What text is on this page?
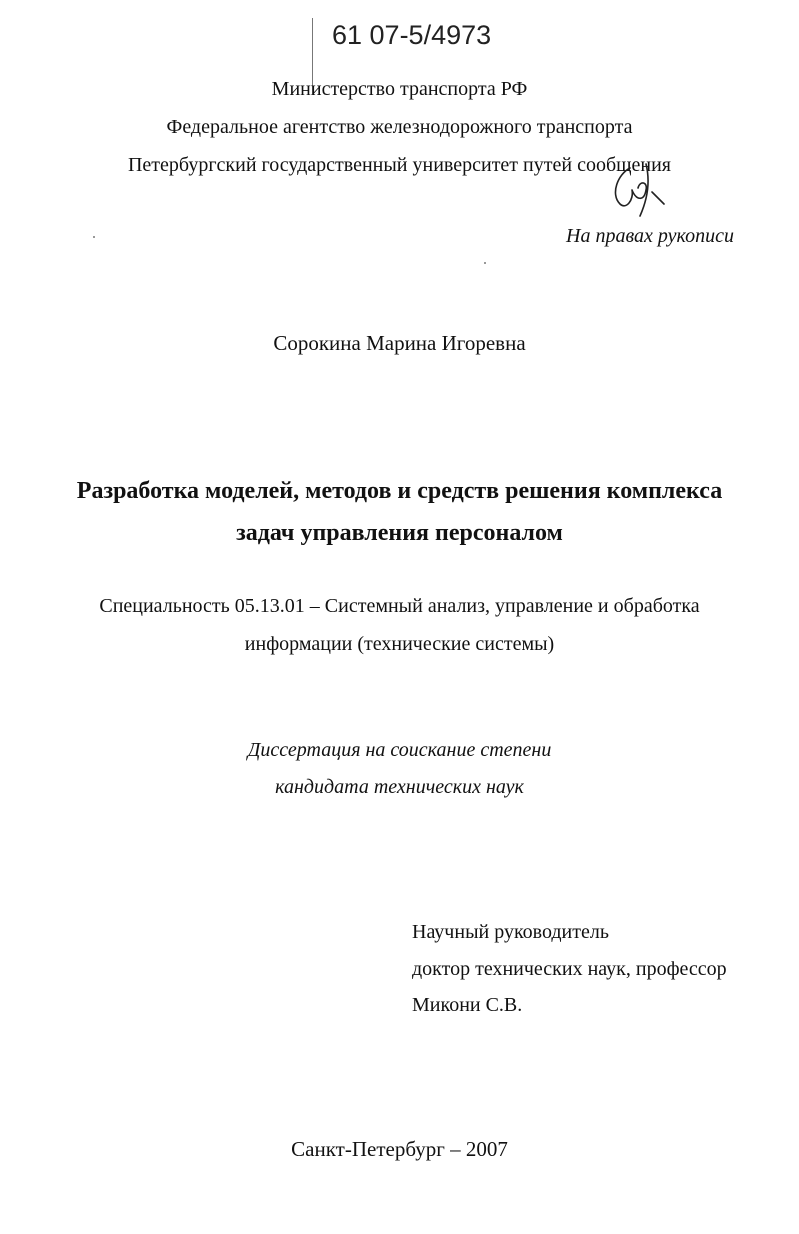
61 07-5/4973
Министерство транспорта РФ
Федеральное агентство железнодорожного транспорта
Петербургский государственный университет путей сообщения
На правах рукописи
Сорокина Марина Игоревна
Разработка моделей, методов и средств решения комплекса
задач управления персоналом
Специальность 05.13.01 – Системный анализ, управление и обработка
информации (технические системы)
Диссертация на соискание степени
кандидата технических наук
Научный руководитель
доктор технических наук, профессор
Микони С.В.
Санкт-Петербург – 2007
